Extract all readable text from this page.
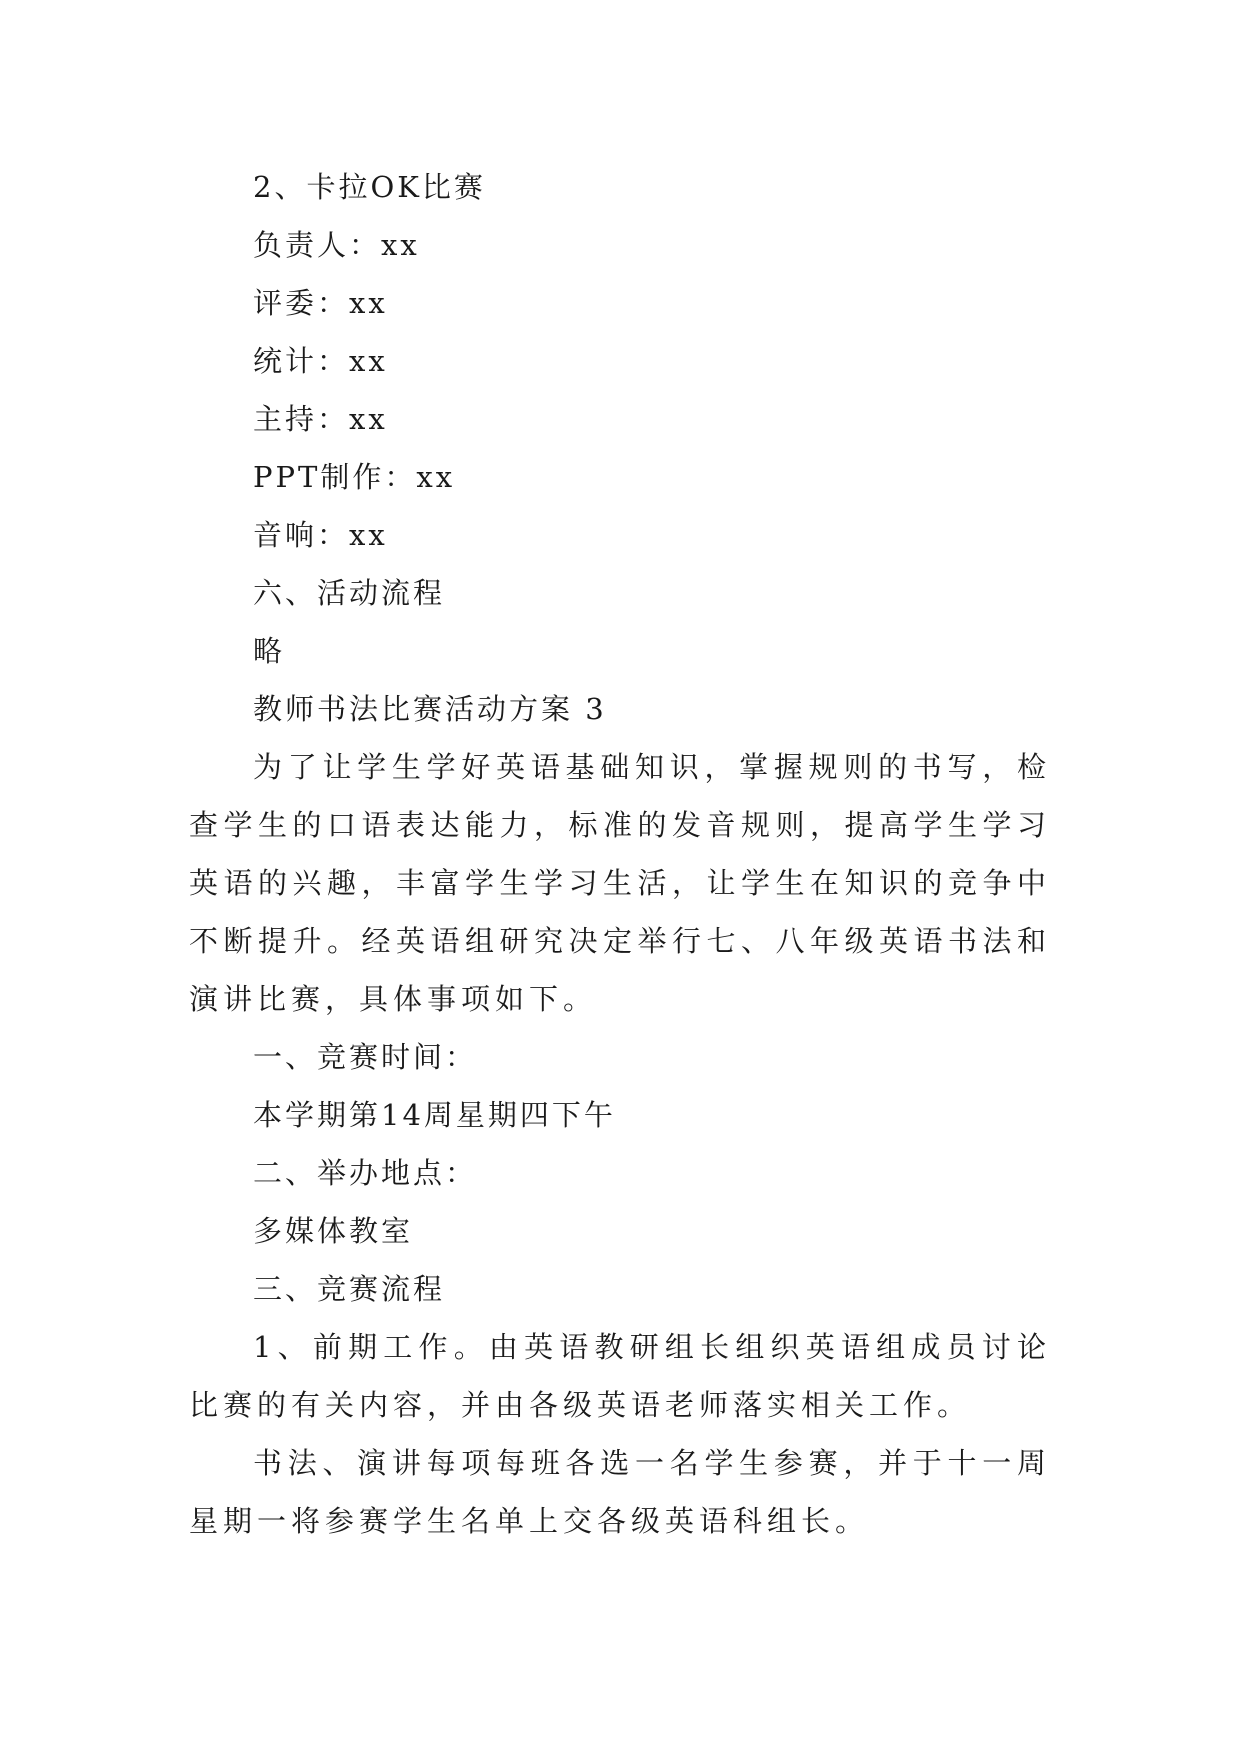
2、卡拉OK比赛
负责人：xx
评委：xx
统计：xx
主持：xx
PPT制作：xx
音响：xx
六、活动流程
略
教师书法比赛活动方案 3
为了让学生学好英语基础知识，掌握规则的书写，检查学生的口语表达能力，标准的发音规则，提高学生学习英语的兴趣，丰富学生学习生活，让学生在知识的竞争中不断提升。经英语组研究决定举行七、八年级英语书法和演讲比赛，具体事项如下。
一、竞赛时间：
本学期第14周星期四下午
二、举办地点：
多媒体教室
三、竞赛流程
1、前期工作。由英语教研组长组织英语组成员讨论比赛的有关内容，并由各级英语老师落实相关工作。
书法、演讲每项每班各选一名学生参赛，并于十一周星期一将参赛学生名单上交各级英语科组长。
